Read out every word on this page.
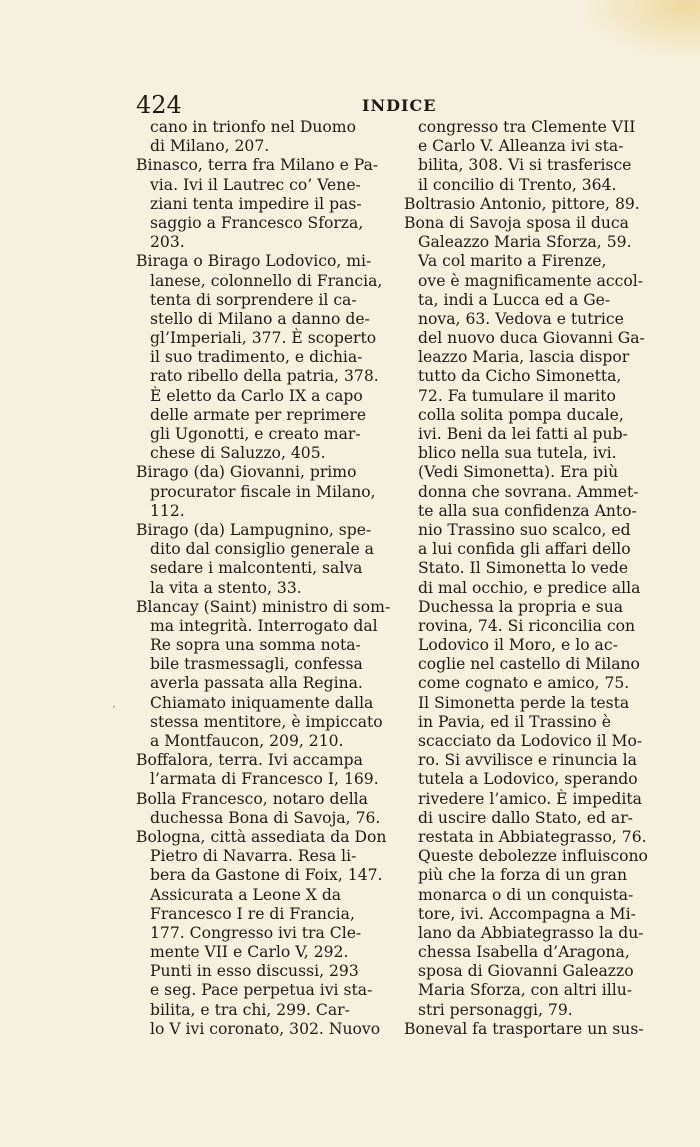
424	INDICE
cano in trionfo nel Duomo
di Milano, 207.
Binasco, terra fra Milano e Pa-
via. Ivi il Lautrec co’ Vene-
ziani tenta impedire il pas-
saggio a Francesco Sforza,
203.
Biraga o Birago Lodovico, mi-
lanese, colonnello di Francia,
tenta di sorprendere il ca-
stello di Milano a danno de-
gl’Imperiali, 377. È scoperto
il suo tradimento, e dichia-
rato ribello della patria, 378.
È eletto da Carlo IX a capo
delle armate per reprimere
gli Ugonotti, e creato mar-
chese di Saluzzo, 405.
Birago (da) Giovanni, primo
procurator fiscale in Milano,
112.
Birago (da) Lampugnino, spe-
dito dal consiglio generale a
sedare i malcontenti, salva
la vita a stento, 33.
Blancay (Saint) ministro di som-
ma integrità. Interrogato dal
Re sopra una somma nota-
bile trasmessagli, confessa
averla passata alla Regina.
Chiamato iniquamente dalla
stessa mentitore, è impiccato
a Montfaucon, 209, 210.
Boffalora, terra. Ivi accampa
l’armata di Francesco I, 169.
Bolla Francesco, notaro della
duchessa Bona di Savoja, 76.
Bologna, città assediata da Don
Pietro di Navarra. Resa li-
bera da Gastone di Foix, 147.
Assicurata a Leone X da
Francesco I re di Francia,
177. Congresso ivi tra Cle-
mente VII e Carlo V, 292.
Punti in esso discussi, 293
e seg. Pace perpetua ivi sta-
bilita, e tra chi, 299. Car-
lo V ivi coronato, 302. Nuovo
congresso tra Clemente VII
e Carlo V. Alleanza ivi sta-
bilita, 308. Vi si trasferisce
il concilio di Trento, 364.
Boltrasio Antonio, pittore, 89.
Bona di Savoja sposa il duca
Galeazzo Maria Sforza, 59.
Va col marito a Firenze,
ove è magnificamente accol-
ta, indi a Lucca ed a Ge-
nova, 63. Vedova e tutrice
del nuovo duca Giovanni Ga-
leazzo Maria, lascia dispor
tutto da Cicho Simonetta,
72. Fa tumulare il marito
colla solita pompa ducale,
ivi. Beni da lei fatti al pub-
blico nella sua tutela, ivi.
(Vedi Simonetta). Era più
donna che sovrana. Ammet-
te alla sua confidenza Anto-
nio Trassino suo scalco, ed
a lui confida gli affari dello
Stato. Il Simonetta lo vede
di mal occhio, e predice alla
Duchessa la propria e sua
rovina, 74. Si riconcilia con
Lodovico il Moro, e lo ac-
coglie nel castello di Milano
come cognato e amico, 75.
Il Simonetta perde la testa
in Pavia, ed il Trassino è
scacciato da Lodovico il Mo-
ro. Si avvilisce e rinuncia la
tutela a Lodovico, sperando
rivedere l’amico. È impedita
di uscire dallo Stato, ed ar-
restata in Abbiategrasso, 76.
Queste debolezze influiscono
più che la forza di un gran
monarca o di un conquista-
tore, ivi. Accompagna a Mi-
lano da Abbiategrasso la du-
chessa Isabella d’Aragona,
sposa di Giovanni Galeazzo
Maria Sforza, con altri illu-
stri personaggi, 79.
Boneval fa trasportare un sus-
·
